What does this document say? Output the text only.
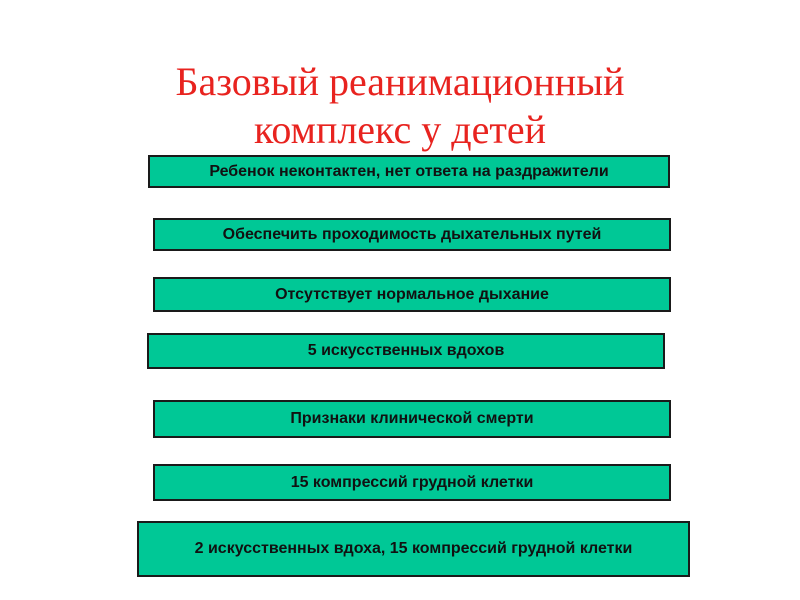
Базовый реанимационный
комплекс у детей
Ребенок неконтактен, нет ответа на раздражители
Обеспечить проходимость дыхательных путей
Отсутствует нормальное дыхание
5 искусственных вдохов
Признаки клинической смерти
15 компрессий грудной клетки
2 искусственных вдоха, 15 компрессий грудной клетки
